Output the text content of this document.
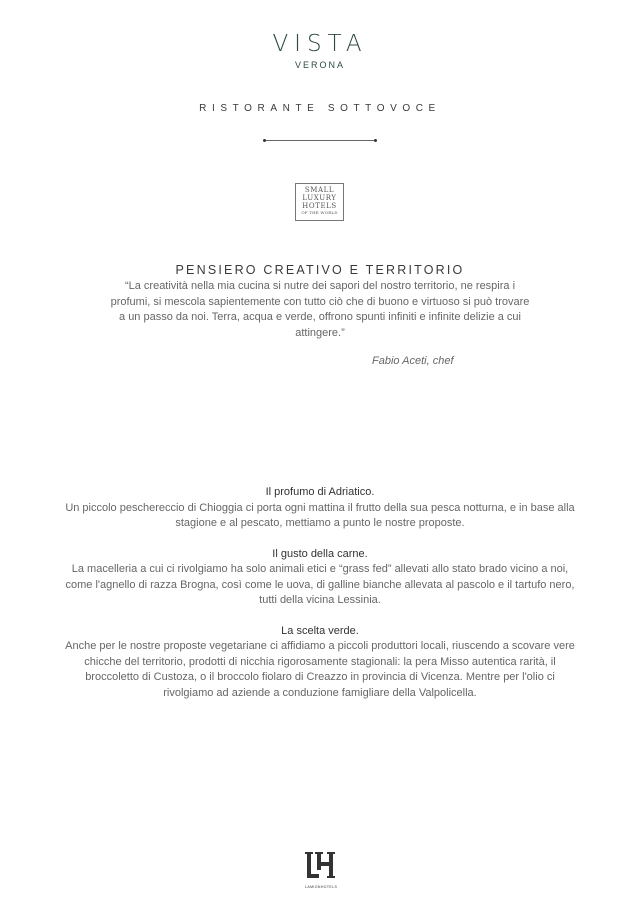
VISTA
VERONA
RISTORANTE SOTTOVOCE
SMALL
LUXURY
HOTELS
OF THE WORLD
PENSIERO CREATIVO E TERRITORIO
“La creatività nella mia cucina si nutre dei sapori del nostro territorio, ne respira i profumi, si mescola sapientemente con tutto ciò che di buono e virtuoso si può trovare a un passo da noi. Terra, acqua e verde, offrono spunti infiniti e infinite delizie a cui attingere.”
Fabio Aceti, chef

Il profumo di Adriatico.

Un piccolo peschereccio di Chioggia ci porta ogni mattina il frutto della sua pesca notturna, e in base alla stagione e al pescato, mettiamo a punto le nostre proposte.

Il gusto della carne.

La macelleria a cui ci rivolgiamo ha solo animali etici e “grass fed” allevati allo stato brado vicino a noi, come l'agnello di razza Brogna, così come le uova, di galline bianche allevata al pascolo e il tartufo nero, tutti della vicina Lessinia.

La scelta verde.

Anche per le nostre proposte vegetariane ci affidiamo a piccoli produttori locali, riuscendo a scovare vere chicche del territorio, prodotti di nicchia rigorosamente stagionali: la pera Misso autentica rarità, il broccoletto di Custoza, o il broccolo fiolaro di Creazzo in provincia di Vicenza. Mentre per l'olio ci rivolgiamo ad aziende a conduzione famigliare della Valpolicella.

LAMIONHOTELS
